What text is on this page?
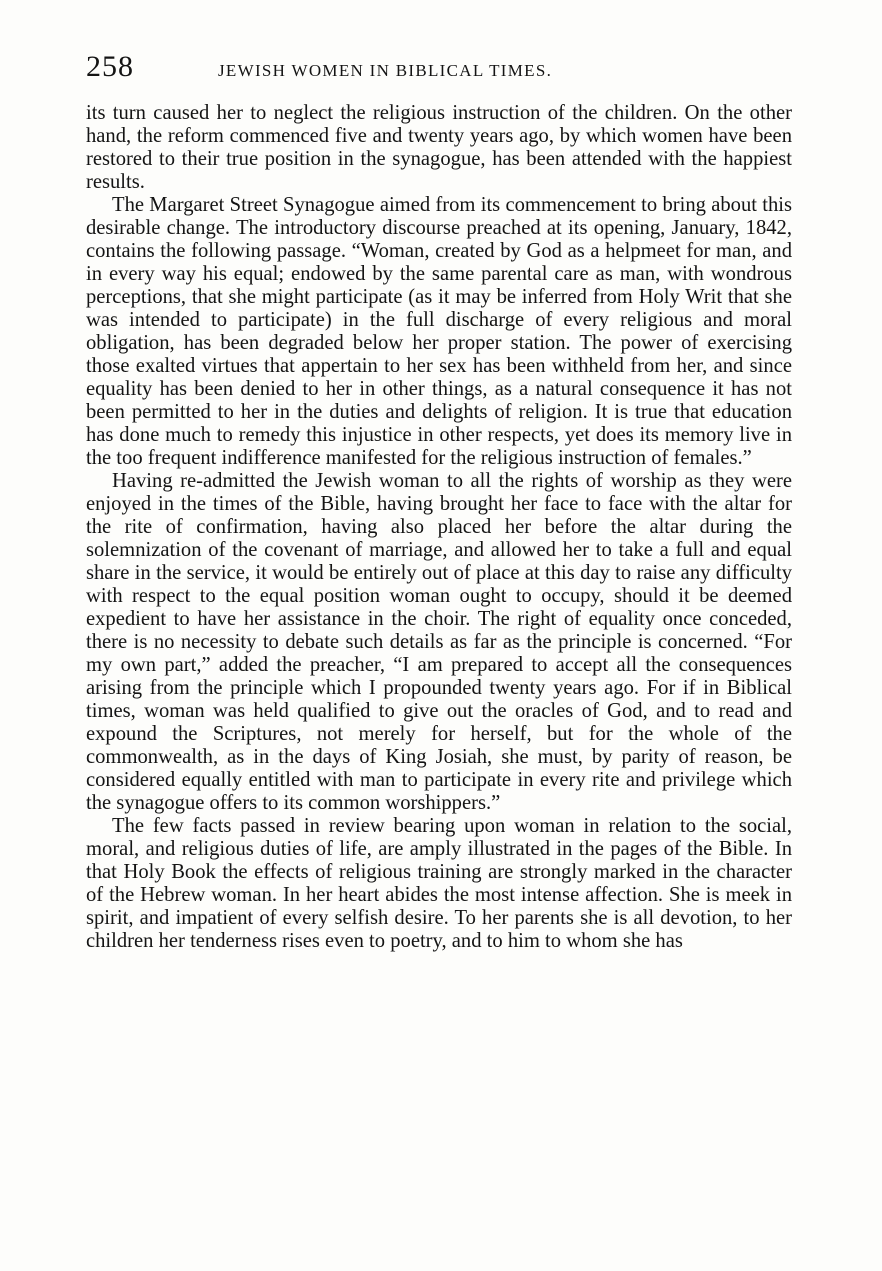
258	JEWISH WOMEN IN BIBLICAL TIMES.

its turn caused her to neglect the religious instruction of the children. On the other hand, the reform commenced five and twenty years ago, by which women have been restored to their true position in the synagogue, has been attended with the happiest results.

The Margaret Street Synagogue aimed from its commencement to bring about this desirable change. The introductory discourse preached at its opening, January, 1842, contains the following passage. “Woman, created by God as a helpmeet for man, and in every way his equal; endowed by the same parental care as man, with wondrous perceptions, that she might participate (as it may be inferred from Holy Writ that she was intended to participate) in the full discharge of every religious and moral obligation, has been degraded below her proper station. The power of exercising those exalted virtues that appertain to her sex has been withheld from her, and since equality has been denied to her in other things, as a natural consequence it has not been permitted to her in the duties and delights of religion. It is true that education has done much to remedy this injustice in other respects, yet does its memory live in the too frequent indifference manifested for the religious instruction of females.”

Having re-admitted the Jewish woman to all the rights of worship as they were enjoyed in the times of the Bible, having brought her face to face with the altar for the rite of confirmation, having also placed her before the altar during the solemnization of the covenant of marriage, and allowed her to take a full and equal share in the service, it would be entirely out of place at this day to raise any difficulty with respect to the equal position woman ought to occupy, should it be deemed expedient to have her assistance in the choir. The right of equality once conceded, there is no necessity to debate such details as far as the principle is concerned. “For my own part,” added the preacher, “I am prepared to accept all the consequences arising from the principle which I propounded twenty years ago. For if in Biblical times, woman was held qualified to give out the oracles of God, and to read and expound the Scriptures, not merely for herself, but for the whole of the commonwealth, as in the days of King Josiah, she must, by parity of reason, be considered equally entitled with man to participate in every rite and privilege which the synagogue offers to its common worshippers.”

The few facts passed in review bearing upon woman in relation to the social, moral, and religious duties of life, are amply illustrated in the pages of the Bible. In that Holy Book the effects of religious training are strongly marked in the character of the Hebrew woman. In her heart abides the most intense affection. She is meek in spirit, and impatient of every selfish desire. To her parents she is all devotion, to her children her tenderness rises even to poetry, and to him to whom she has
